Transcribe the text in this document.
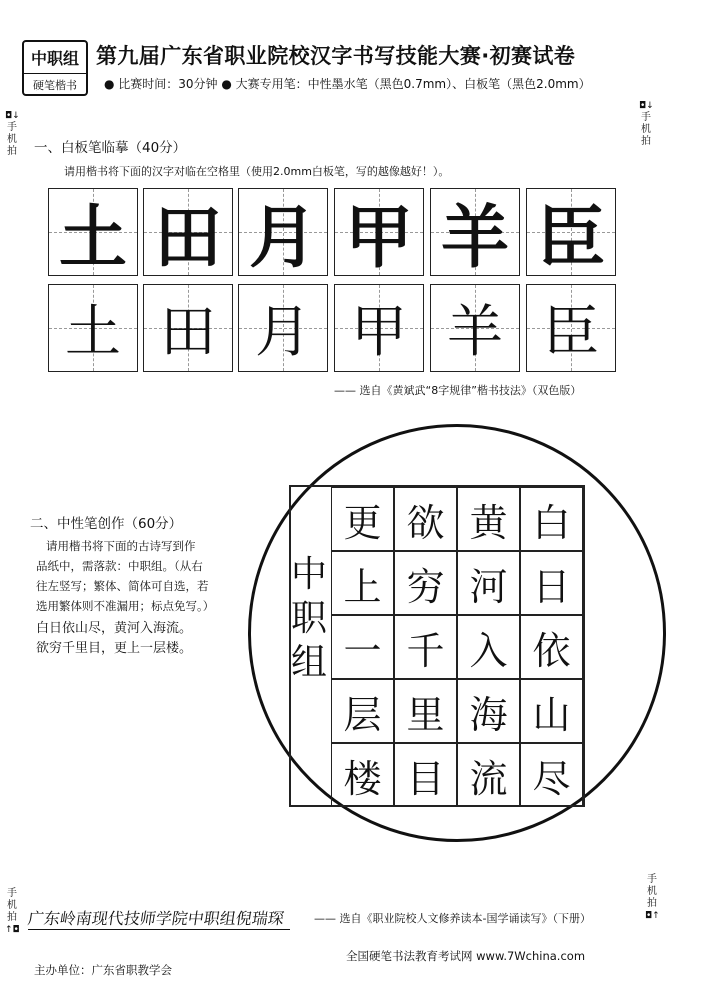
◘↓
手机拍
◘↓
手机拍
手机拍
↑◘
手机拍
◘↑
中职组
硬笔楷书
第九届广东省职业院校汉字书写技能大赛·初赛试卷
● 比赛时间：30分钟 ● 大赛专用笔：中性墨水笔（黑色0.7mm）、白板笔（黑色2.0mm）
一、白板笔临摹（40分）
请用楷书将下面的汉字对临在空格里（使用2.0mm白板笔，写的越像越好！）。
土 田 月 甲 羊 臣
土 田 月 甲 羊 臣
—— 选自《黄斌武“8字规律”楷书技法》（双色版）
二、中性笔创作（60分）
请用楷书将下面的古诗写到作
品纸中，需落款：中职组。（从右
往左竖写；繁体、简体可自选，若
选用繁体则不准漏用；标点免写。）
白日依山尽，黄河入海流。
欲穷千里目，更上一层楼。
中
职
组
更
上
一
层
楼
欲
穷
千
里
目
黄
河
入
海
流
白
日
依
山
尽
广东岭南现代技师学院中职组倪瑞琛	—— 选自《职业院校人文修养读本-国学诵读写》（下册）
全国硬笔书法教育考试网 www.7Wchina.com
主办单位：广东省职教学会
